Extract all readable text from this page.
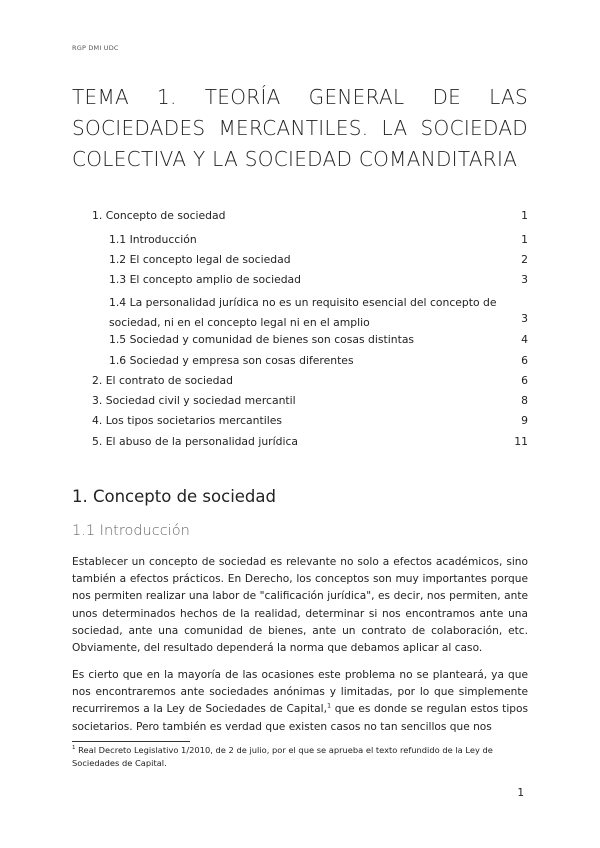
RGP DMI UDC
TEMA 1. TEORÍA GENERAL DE LAS SOCIEDADES MERCANTILES. LA SOCIEDAD COLECTIVA Y LA SOCIEDAD COMANDITARIA
1. Concepto de sociedad	1
1.1 Introducción	1
1.2 El concepto legal de sociedad	2
1.3 El concepto amplio de sociedad	3
1.4 La personalidad jurídica no es un requisito esencial del concepto de sociedad, ni en el concepto legal ni en el amplio	3
1.5 Sociedad y comunidad de bienes son cosas distintas	4
1.6 Sociedad y empresa son cosas diferentes	6
2. El contrato de sociedad	6
3. Sociedad civil y sociedad mercantil	8
4. Los tipos societarios mercantiles	9
5. El abuso de la personalidad jurídica	11
1. Concepto de sociedad
1.1 Introducción

Establecer un concepto de sociedad es relevante no solo a efectos académicos, sino también a efectos prácticos. En Derecho, los conceptos son muy importantes porque nos permiten realizar una labor de "calificación jurídica", es decir, nos permiten, ante unos determinados hechos de la realidad, determinar si nos encontramos ante una sociedad, ante una comunidad de bienes, ante un contrato de colaboración, etc. Obviamente, del resultado dependerá la norma que debamos aplicar al caso.

Es cierto que en la mayoría de las ocasiones este problema no se planteará, ya que nos encontraremos ante sociedades anónimas y limitadas, por lo que simplemente recurriremos a la Ley de Sociedades de Capital,$^1$ que es donde se regulan estos tipos societarios. Pero también es verdad que existen casos no tan sencillos que nos

$^1$ Real Decreto Legislativo 1/2010, de 2 de julio, por el que se aprueba el texto refundido de la Ley de Sociedades de Capital.

1
